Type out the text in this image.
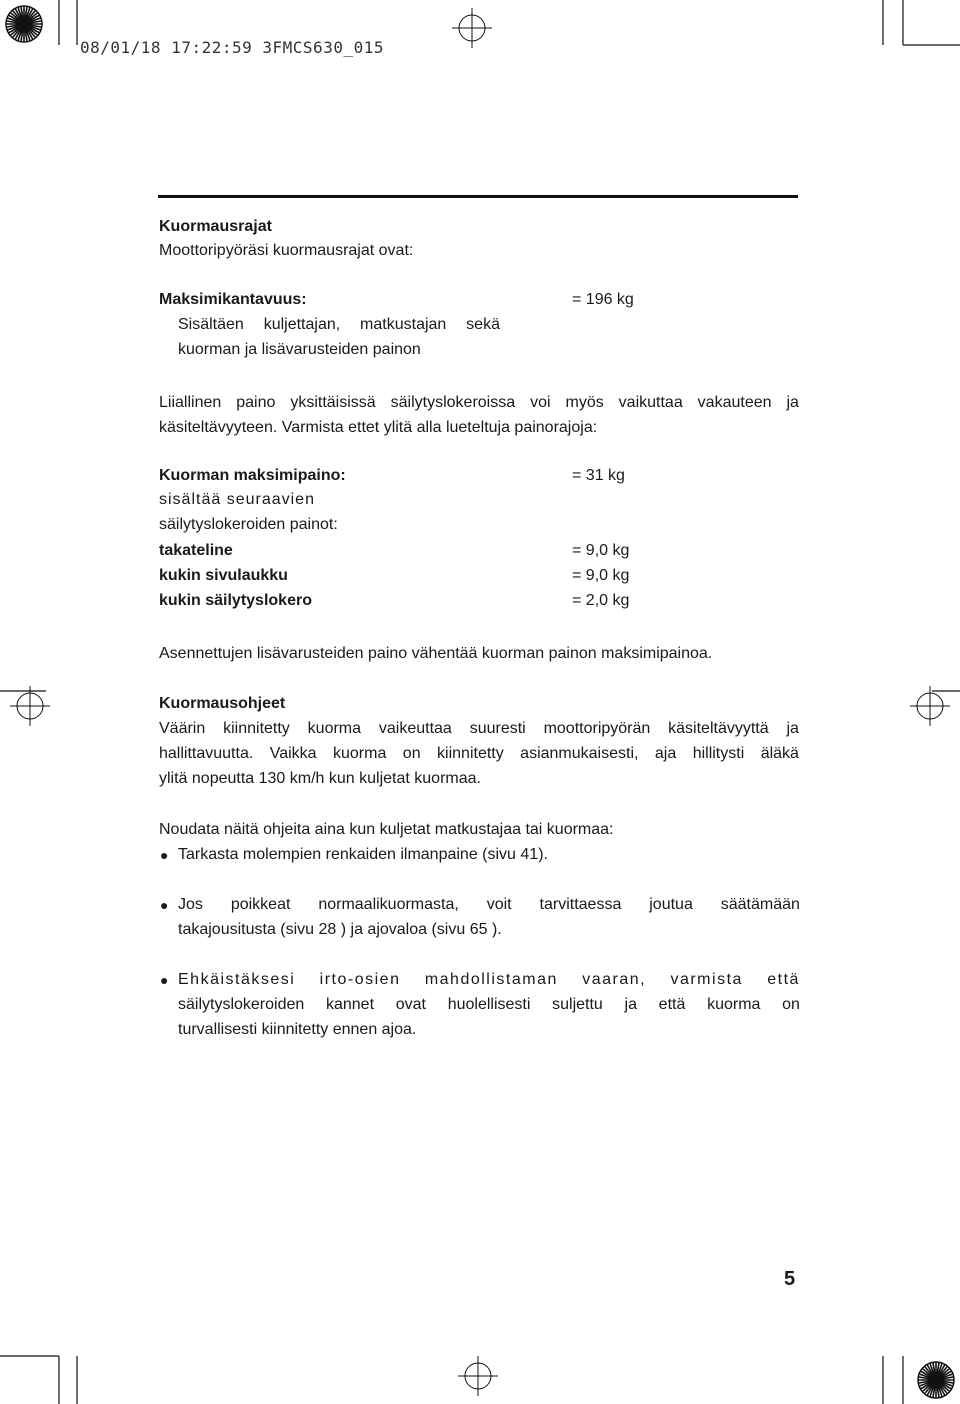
08/01/18 17:22:59 3FMCS630_015
Kuormausrajat
Moottoripyöräsi kuormausrajat ovat:
Maksimikantavuus:	= 196 kg
Sisältäen kuljettajan, matkustajan sekä
kuorman ja lisävarusteiden painon
Liiallinen paino yksittäisissä säilytyslokeroissa voi myös vaikuttaa vakauteen ja
käsiteltävyyteen. Varmista ettet ylitä alla lueteltuja painorajoja:
Kuorman maksimipaino:	= 31 kg
sisältää seuraavien
säilytyslokeroiden painot:
takateline	= 9,0 kg
kukin sivulaukku	= 9,0 kg
kukin säilytyslokero	= 2,0 kg
Asennettujen lisävarusteiden paino vähentää kuorman painon maksimipainoa.
Kuormausohjeet
Väärin kiinnitetty kuorma vaikeuttaa suuresti moottoripyörän käsiteltävyyttä ja
hallittavuutta. Vaikka kuorma on kiinnitetty asianmukaisesti, aja hillitysti äläkä
ylitä nopeutta 130 km/h kun kuljetat kuormaa.
Noudata näitä ohjeita aina kun kuljetat matkustajaa tai kuormaa:
● Tarkasta molempien renkaiden ilmanpaine (sivu 41).
● Jos poikkeat normaalikuormasta, voit tarvittaessa joutua säätämään
takajousitusta (sivu 28 ) ja ajovaloa (sivu 65 ).
● Ehkäistäksesi irto-osien mahdollistaman vaaran, varmista että
säilytyslokeroiden kannet ovat huolellisesti suljettu ja että kuorma on
turvallisesti kiinnitetty ennen ajoa.
5
